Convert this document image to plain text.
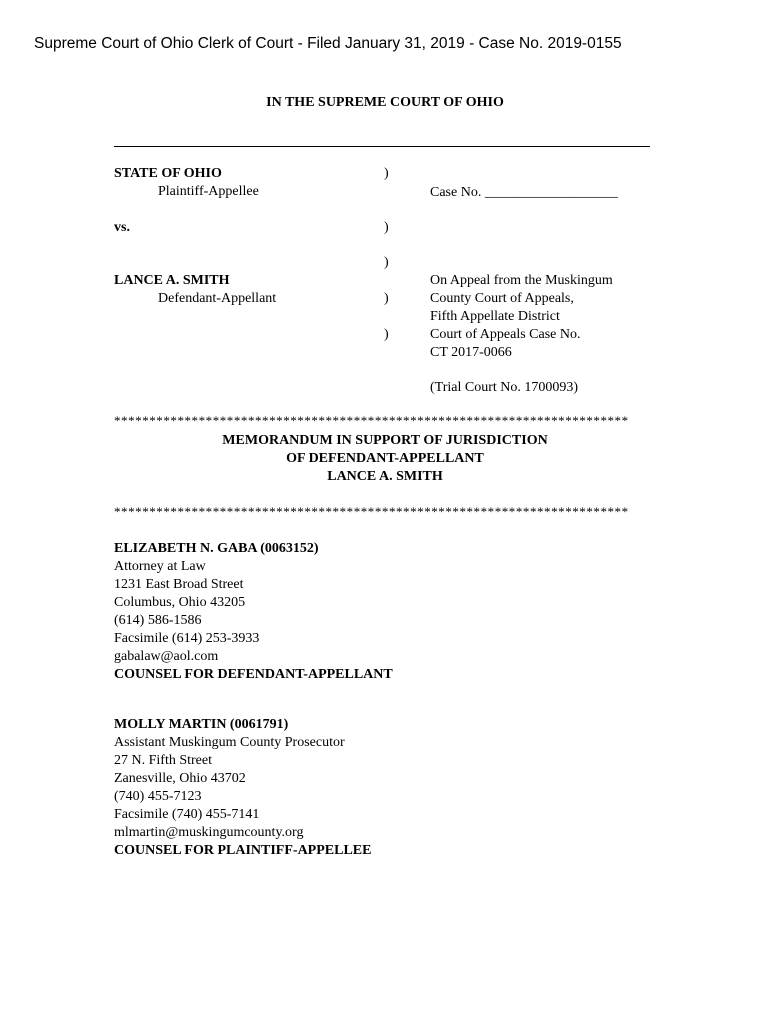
Supreme Court of Ohio Clerk of Court - Filed January 31, 2019 - Case No. 2019-0155
IN THE SUPREME COURT OF OHIO
STATE OF OHIO
Plaintiff-Appellee
vs.
LANCE A. SMITH
Defendant-Appellant
)
)
)
)
)
Case No. ___________________
On Appeal from the Muskingum
County Court of Appeals,
Fifth Appellate District
Court of Appeals Case No.
CT 2017-0066
(Trial Court No. 1700093)
*************************************************************************
MEMORANDUM IN SUPPORT OF JURISDICTION
OF DEFENDANT-APPELLANT
LANCE A. SMITH
*************************************************************************
ELIZABETH N. GABA (0063152)
Attorney at Law
1231 East Broad Street
Columbus, Ohio 43205
(614) 586-1586
Facsimile (614) 253-3933
gabalaw@aol.com
COUNSEL FOR DEFENDANT-APPELLANT
MOLLY MARTIN (0061791)
Assistant Muskingum County Prosecutor
27 N. Fifth Street
Zanesville, Ohio 43702
(740) 455-7123
Facsimile (740) 455-7141
mlmartin@muskingumcounty.org
COUNSEL FOR PLAINTIFF-APPELLEE
